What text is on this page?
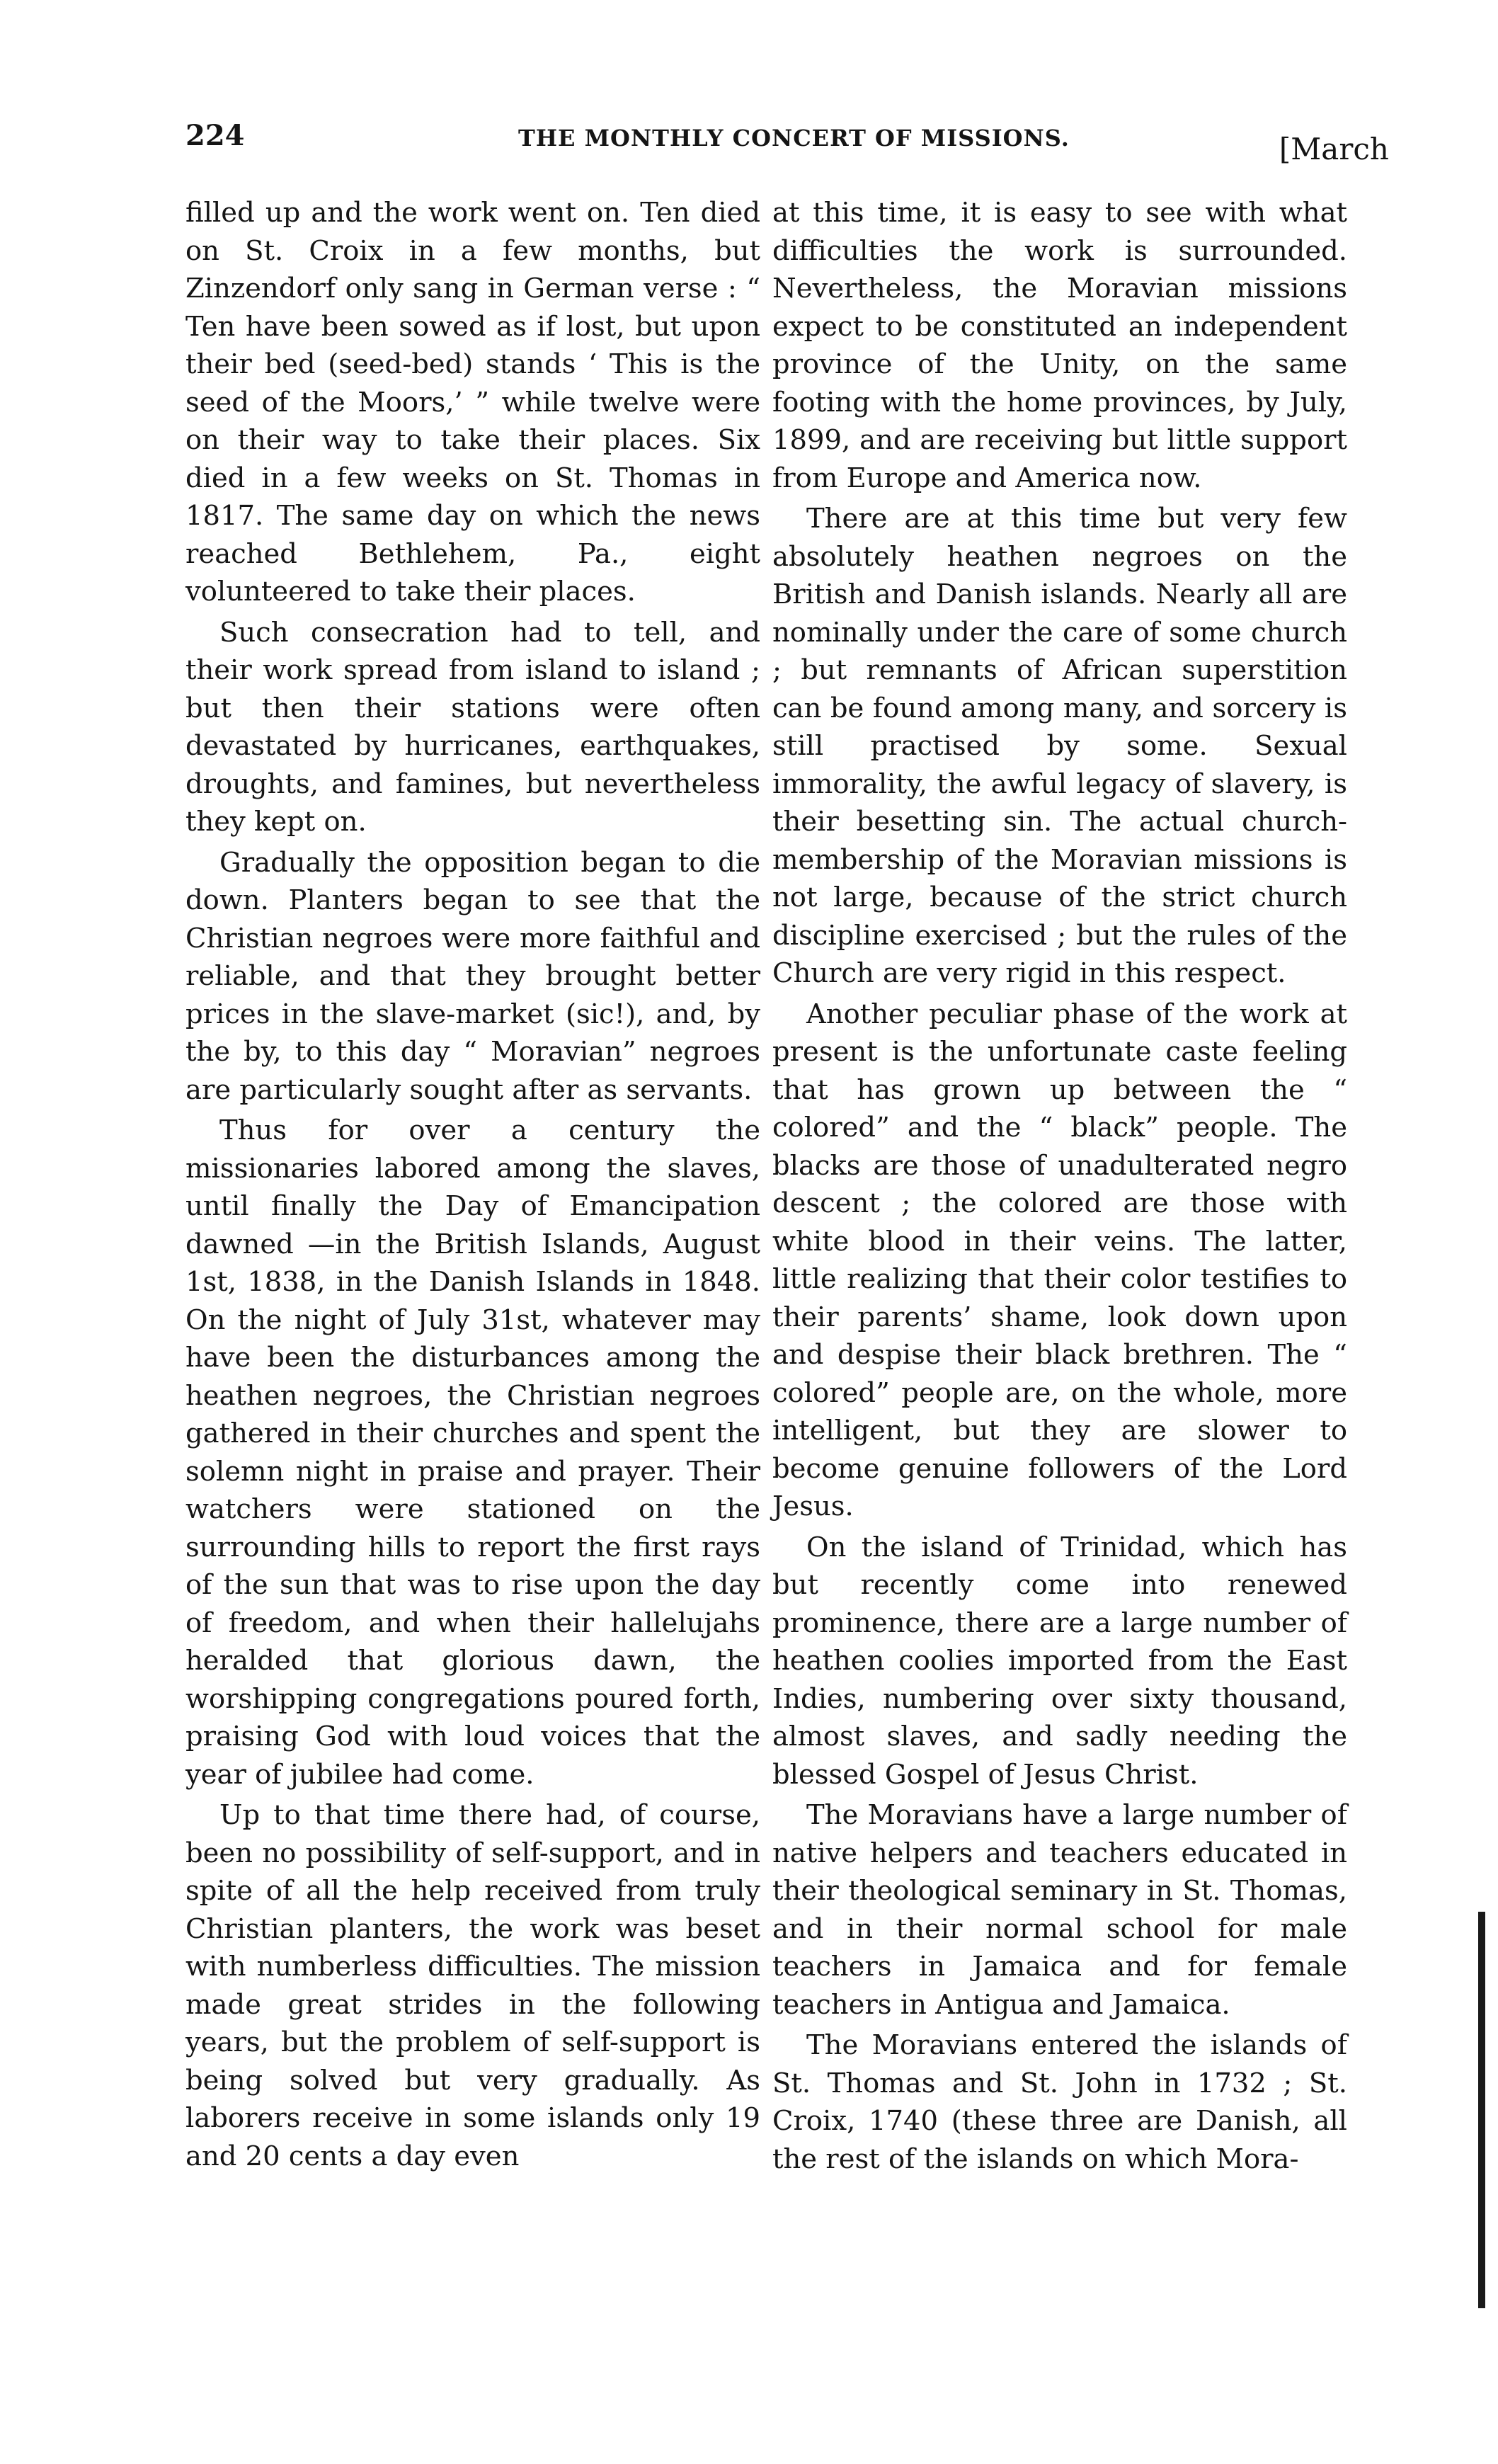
224	THE MONTHLY CONCERT OF MISSIONS.	[March

filled up and the work went on. Ten died on St. Croix in a few months, but Zinzendorf only sang in German verse : “ Ten have been sowed as if lost, but upon their bed (seed-bed) stands ‘ This is the seed of the Moors,’ ” while twelve were on their way to take their places. Six died in a few weeks on St. Thomas in 1817. The same day on which the news reached Bethlehem, Pa., eight volunteered to take their places.

Such consecration had to tell, and their work spread from island to island ; but then their stations were often devastated by hurricanes, earthquakes, droughts, and famines, but nevertheless they kept on.

Gradually the opposition began to die down. Planters began to see that the Christian negroes were more faithful and reliable, and that they brought better prices in the slave-market (sic!), and, by the by, to this day “ Moravian” negroes are particularly sought after as servants.

Thus for over a century the missionaries labored among the slaves, until finally the Day of Emancipation dawned —in the British Islands, August 1st, 1838, in the Danish Islands in 1848. On the night of July 31st, whatever may have been the disturbances among the heathen negroes, the Christian negroes gathered in their churches and spent the solemn night in praise and prayer. Their watchers were stationed on the surrounding hills to report the first rays of the sun that was to rise upon the day of freedom, and when their hallelujahs heralded that glorious dawn, the worshipping congregations poured forth, praising God with loud voices that the year of jubilee had come.

Up to that time there had, of course, been no possibility of self-support, and in spite of all the help received from truly Christian planters, the work was beset with numberless difficulties. The mission made great strides in the following years, but the problem of self-support is being solved but very gradually. As laborers receive in some islands only 19 and 20 cents a day even

at this time, it is easy to see with what difficulties the work is surrounded. Nevertheless, the Moravian missions expect to be constituted an independent province of the Unity, on the same footing with the home provinces, by July, 1899, and are receiving but little support from Europe and America now.

There are at this time but very few absolutely heathen negroes on the British and Danish islands. Nearly all are nominally under the care of some church ; but remnants of African superstition can be found among many, and sorcery is still practised by some. Sexual immorality, the awful legacy of slavery, is their besetting sin. The actual church-membership of the Moravian missions is not large, because of the strict church discipline exercised ; but the rules of the Church are very rigid in this respect.

Another peculiar phase of the work at present is the unfortunate caste feeling that has grown up between the “ colored” and the “ black” people. The blacks are those of unadulterated negro descent ; the colored are those with white blood in their veins. The latter, little realizing that their color testifies to their parents’ shame, look down upon and despise their black brethren. The “ colored” people are, on the whole, more intelligent, but they are slower to become genuine followers of the Lord Jesus.

On the island of Trinidad, which has but recently come into renewed prominence, there are a large number of heathen coolies imported from the East Indies, numbering over sixty thousand, almost slaves, and sadly needing the blessed Gospel of Jesus Christ.

The Moravians have a large number of native helpers and teachers educated in their theological seminary in St. Thomas, and in their normal school for male teachers in Jamaica and for female teachers in Antigua and Jamaica.

The Moravians entered the islands of St. Thomas and St. John in 1732 ; St. Croix, 1740 (these three are Danish, all the rest of the islands on which Mora-
